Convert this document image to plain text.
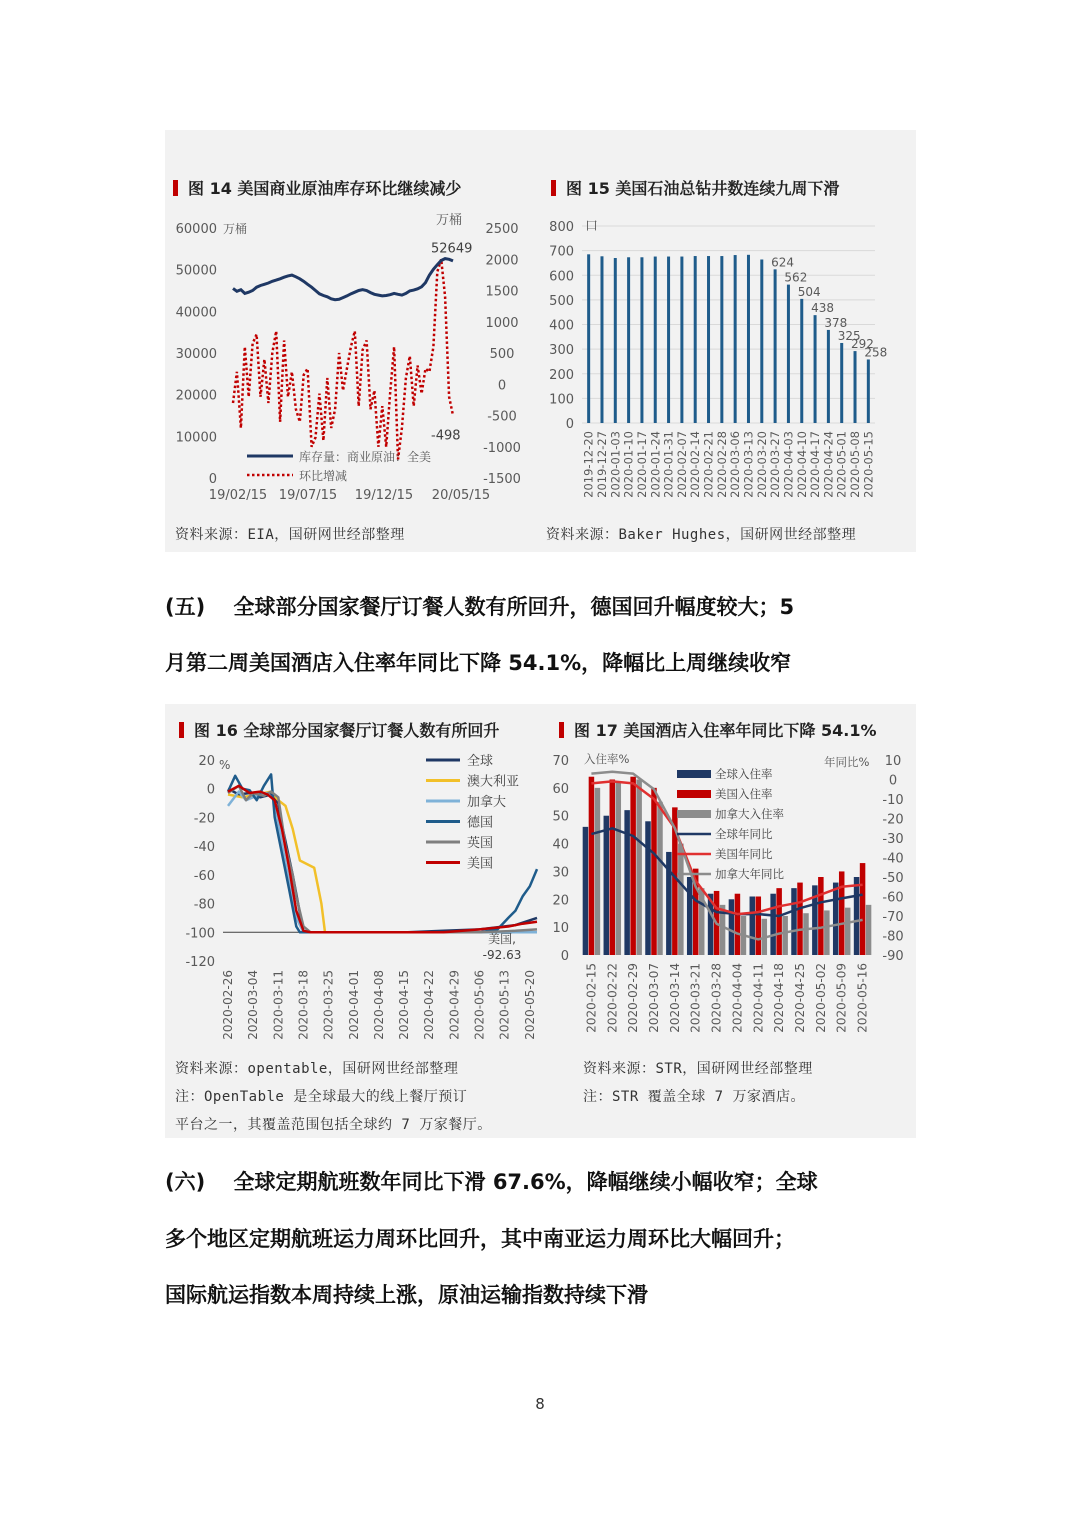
图 14 美国商业原油库存环比继续减少	图 15 美国石油总钻井数连续九周下滑
60000
50000
40000
30000
20000
10000
0
2500
2000
1500
1000
500
0
-500
-1000
-1500
万桶
万桶
19/02/15 19/07/15 19/12/15 20/05/15
52649
-498
库存量：商业原油：全美
环比增减
800
700
600
500
400
300
200
100
0
口
2019-12-20 2019-12-27 2020-01-03 2020-01-10 2020-01-17 2020-01-24 2020-01-31 2020-02-07 2020-02-14 2020-02-21 2020-02-28 2020-03-06 2020-03-13 2020-03-20
624
2020-03-27
562
2020-04-03
504
2020-04-10
438
2020-04-17
378
2020-04-24
325
2020-05-01
292
2020-05-08
258
2020-05-15
资料来源：EIA，国研网世经部整理	资料来源：Baker Hughes，国研网世经部整理
(五)　 全球部分国家餐厅订餐人数有所回升，德国回升幅度较大；5
月第二周美国酒店入住率年同比下降 54.1%，降幅比上周继续收窄
图 16 全球部分国家餐厅订餐人数有所回升	图 17 美国酒店入住率年同比下降 54.1%
20
0
-20
-40
-60
-80
-100
-120
%
2020-02-26 2020-03-04 2020-03-11 2020-03-18 2020-03-25 2020-04-01 2020-04-08 2020-04-15 2020-04-22 2020-04-29 2020-05-06 2020-05-13 2020-05-20
美国,
-92.63
全球
澳大利亚
加拿大
德国
英国
美国
70
60
50
40
30
20
10
0
10
0
-10
-20
-30
-40
-50
-60
-70
-80
-90
入住率%	年同比%
2020-02-15 2020-02-22 2020-02-29 2020-03-07 2020-03-14 2020-03-21 2020-03-28 2020-04-04 2020-04-11 2020-04-18 2020-04-25 2020-05-02 2020-05-09 2020-05-16
全球入住率
美国入住率
加拿大入住率
全球年同比
美国年同比
加拿大年同比
资料来源：opentable，国研网世经部整理
注：OpenTable 是全球最大的线上餐厅预订
平台之一，其覆盖范围包括全球约 7 万家餐厅。
资料来源：STR，国研网世经部整理
注：STR 覆盖全球 7 万家酒店。
(六)　 全球定期航班数年同比下滑 67.6%，降幅继续小幅收窄；全球
多个地区定期航班运力周环比回升，其中南亚运力周环比大幅回升；
国际航运指数本周持续上涨，原油运输指数持续下滑
8
